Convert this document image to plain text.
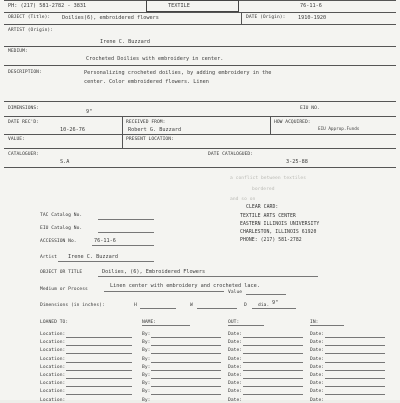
PH: (217) 581-2782 - 3831	TEXTILE	76-11-6
OBJECT (Title): Doilies(6), embroidered flowers	DATE (Origin): 1910-1920
ARTIST (Origin):
Irene C. Buzzard
MEDIUM:
Crocheted Doilies with embroidery in center.
DESCRIPTION:	Personalizing crocheted doilies, by adding embroidery in the
center. Color embroidered flowers. Linen
DIMENSIONS:
9"
EIU NO.
DATE REC'D:
10-26-76
RECEIVED FROM:
Robert G. Buzzard
HOW ACQUIRED:
EIU Approp.Funds
VALUE:	PRESENT LOCATION:
CATALOGUER:	DATE CATALOGUED:
S.A	3-25-88
a conflict between textiles
bordered
and so on
TAC Catalog No.
EIU Catalog No.
ACCESSION No.	76-11-6
CLEAR CARD:
TEXTILE ARTS CENTER
EASTERN ILLINOIS UNIVERSITY
CHARLESTON, ILLINOIS 61920
PHONE: (217) 581-2782
Artist Irene C. Buzzard
OBJECT OR TITLE	Doilies, (6), Embroidered Flowers
Medium or Process
Linen center with embroidery and crocheted lace.
Value
Dimensions (in inches):	H	W	D dia. 9"
LOANED TO:	NAME:	OUT:	IN:
Location:	By:	Date:	Date:
Location:	By:	Date:	Date:
Location:	By:	Date:	Date:
Location:	By:	Date:	Date:
Location:	By:	Date:	Date:
Location:	By:	Date:	Date:
Location:	By:	Date:	Date:
Location:	By:	Date:	Date:
Location:	By:	Date:	Date:
